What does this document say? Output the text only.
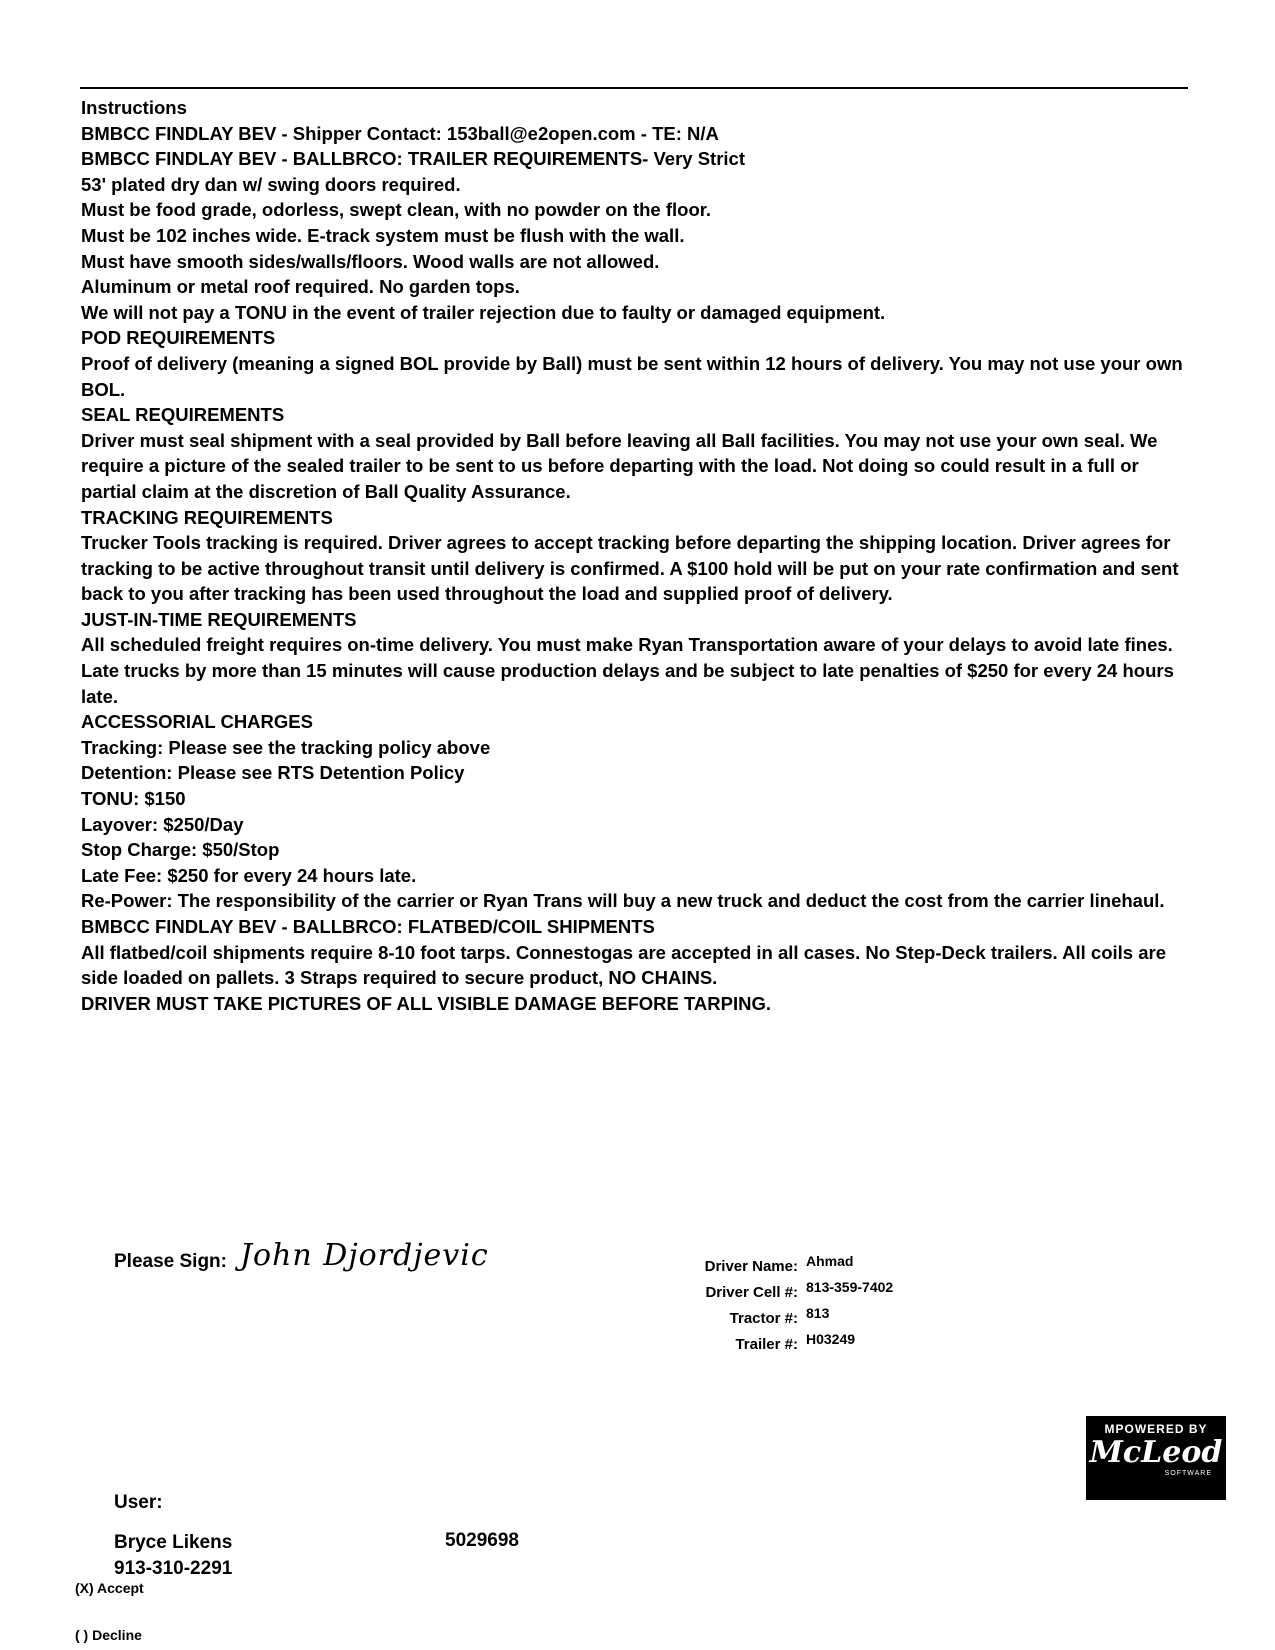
Instructions

BMBCC FINDLAY BEV - Shipper Contact: 153ball@e2open.com - TE: N/A

BMBCC FINDLAY BEV - BALLBRCO: TRAILER REQUIREMENTS- Very Strict

53' plated dry dan w/ swing doors required.

Must be food grade, odorless, swept clean, with no powder on the floor.

Must be 102 inches wide. E-track system must be flush with the wall.

Must have smooth sides/walls/floors. Wood walls are not allowed.

Aluminum or metal roof required. No garden tops.

We will not pay a TONU in the event of trailer rejection due to faulty or damaged equipment.

POD REQUIREMENTS

Proof of delivery (meaning a signed BOL provide by Ball) must be sent within 12 hours of delivery. You may not use your own BOL.

SEAL REQUIREMENTS

Driver must seal shipment with a seal provided by Ball before leaving all Ball facilities. You may not use your own seal. We require a picture of the sealed trailer to be sent to us before departing with the load. Not doing so could result in a full or partial claim at the discretion of Ball Quality Assurance.

TRACKING REQUIREMENTS

Trucker Tools tracking is required. Driver agrees to accept tracking before departing the shipping location. Driver agrees for tracking to be active throughout transit until delivery is confirmed. A $100 hold will be put on your rate confirmation and sent back to you after tracking has been used throughout the load and supplied proof of delivery.

JUST-IN-TIME REQUIREMENTS

All scheduled freight requires on-time delivery. You must make Ryan Transportation aware of your delays to avoid late fines. Late trucks by more than 15 minutes will cause production delays and be subject to late penalties of $250 for every 24 hours late.

ACCESSORIAL CHARGES

Tracking: Please see the tracking policy above

Detention: Please see RTS Detention Policy

TONU: $150

Layover: $250/Day

Stop Charge: $50/Stop

Late Fee: $250 for every 24 hours late.

Re-Power: The responsibility of the carrier or Ryan Trans will buy a new truck and deduct the cost from the carrier linehaul.

BMBCC FINDLAY BEV - BALLBRCO: FLATBED/COIL SHIPMENTS

All flatbed/coil shipments require 8-10 foot tarps. Connestogas are accepted in all cases. No Step-Deck trailers. All coils are side loaded on pallets. 3 Straps required to secure product, NO CHAINS.

DRIVER MUST TAKE PICTURES OF ALL VISIBLE DAMAGE BEFORE TARPING.

Please Sign: John Djordjevic	Driver Name:
Driver Cell #:
Tractor #:
Trailer #:
Ahmad
813-359-7402
813
H03249
MPOWERED BY
McLeod
SOFTWARE
User:
Bryce Likens
913-310-2291
5029698
(X) Accept
( ) Decline
